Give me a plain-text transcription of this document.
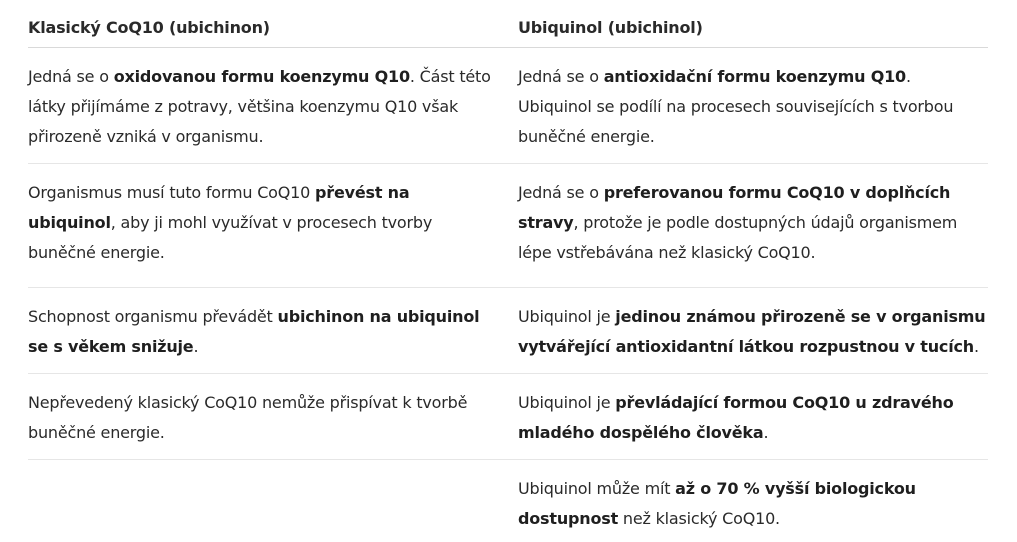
Klasický CoQ10 (ubichinon)	Ubiquinol (ubichinol)
Jedná se o oxidovanou formu koenzymu Q10. Část této látky přijímáme z potravy, většina koenzymu Q10 však přirozeně vzniká v organismu.
Jedná se o antioxidační formu koenzymu Q10. Ubiquinol se podílí na procesech souvisejících s tvorbou buněčné energie.
Organismus musí tuto formu CoQ10 převést na ubiquinol, aby ji mohl využívat v procesech tvorby buněčné energie.
Jedná se o preferovanou formu CoQ10 v doplňcích stravy, protože je podle dostupných údajů organismem lépe vstřebávána než klasický CoQ10.
Schopnost organismu převádět ubichinon na ubiquinol se s věkem snižuje.
Ubiquinol je jedinou známou přirozeně se v organismu vytvářející antioxidantní látkou rozpustnou v tucích.
Nepřevedený klasický CoQ10 nemůže přispívat k tvorbě buněčné energie.
Ubiquinol je převládající formou CoQ10 u zdravého mladého dospělého člověka.
Ubiquinol může mít až o 70 % vyšší biologickou dostupnost než klasický CoQ10.
